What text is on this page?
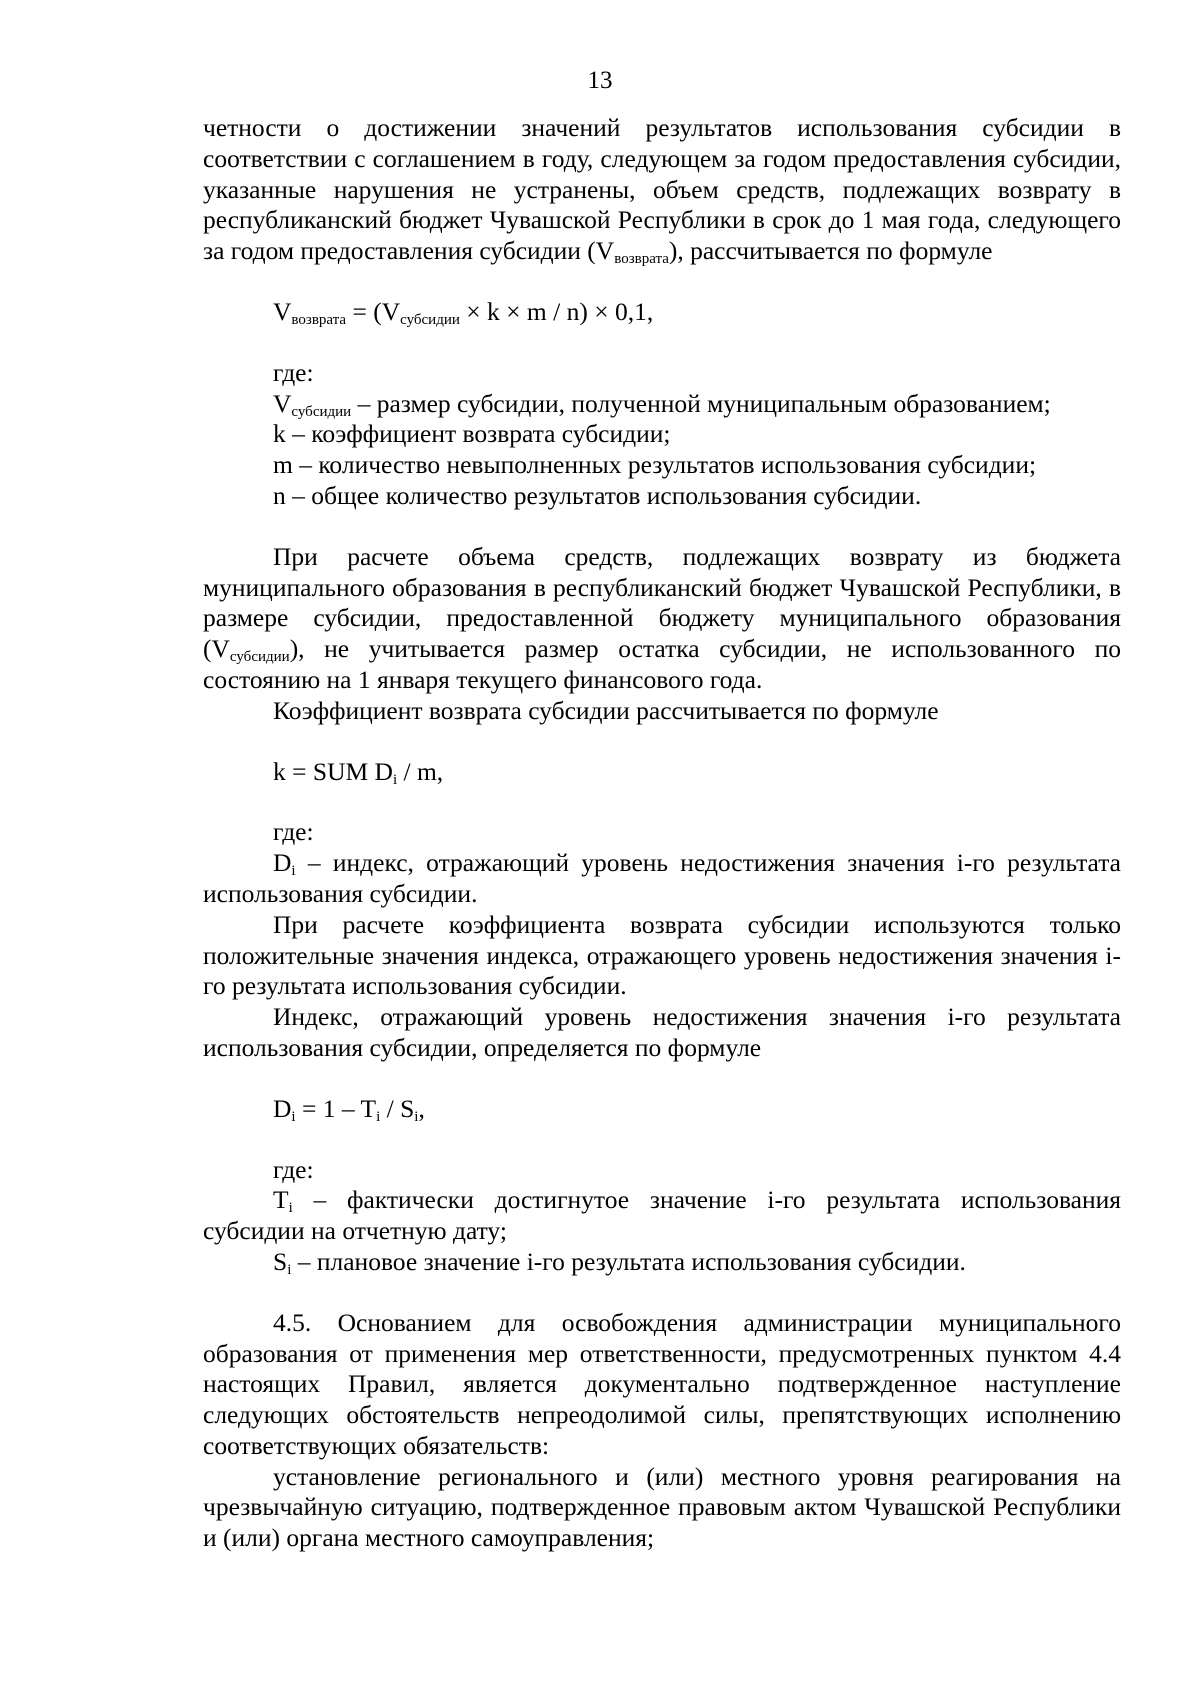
13

четности о достижении значений результатов использования субсидии в соответствии с соглашением в году, следующем за годом предоставления субсидии, указанные нарушения не устранены, объем средств, подлежащих возврату в республиканский бюджет Чувашской Республики в срок до 1 мая года, следующего за годом предоставления субсидии $(V_{возврата})$, рассчитывается по формуле

$V_{возврата} = (V_{субсидии} \times k \times m / n) \times 0,1$,

где:

$V_{субсидии}$ – размер субсидии, полученной муниципальным образованием;

k – коэффициент возврата субсидии;

m – количество невыполненных результатов использования субсидии;

n – общее количество результатов использования субсидии.

При расчете объема средств, подлежащих возврату из бюджета муниципального образования в республиканский бюджет Чувашской Республики, в размере субсидии, предоставленной бюджету муниципального образования $(V_{субсидии})$, не учитывается размер остатка субсидии, не использованного по состоянию на 1 января текущего финансового года.

Коэффициент возврата субсидии рассчитывается по формуле

k = SUM $D_i$ / m,

где:

$D_i$ – индекс, отражающий уровень недостижения значения i-го результата использования субсидии.

При расчете коэффициента возврата субсидии используются только положительные значения индекса, отражающего уровень недостижения значения i-го результата использования субсидии.

Индекс, отражающий уровень недостижения значения i-го результата использования субсидии, определяется по формуле

$D_i = 1 - T_i / S_i$,

где:

$T_i$ – фактически достигнутое значение i-го результата использования субсидии на отчетную дату;

$S_i$ – плановое значение i-го результата использования субсидии.

4.5. Основанием для освобождения администрации муниципального образования от применения мер ответственности, предусмотренных пунктом 4.4 настоящих Правил, является документально подтвержденное наступление следующих обстоятельств непреодолимой силы, препятствующих исполнению соответствующих обязательств:

установление регионального и (или) местного уровня реагирования на чрезвычайную ситуацию, подтвержденное правовым актом Чувашской Республики и (или) органа местного самоуправления;
